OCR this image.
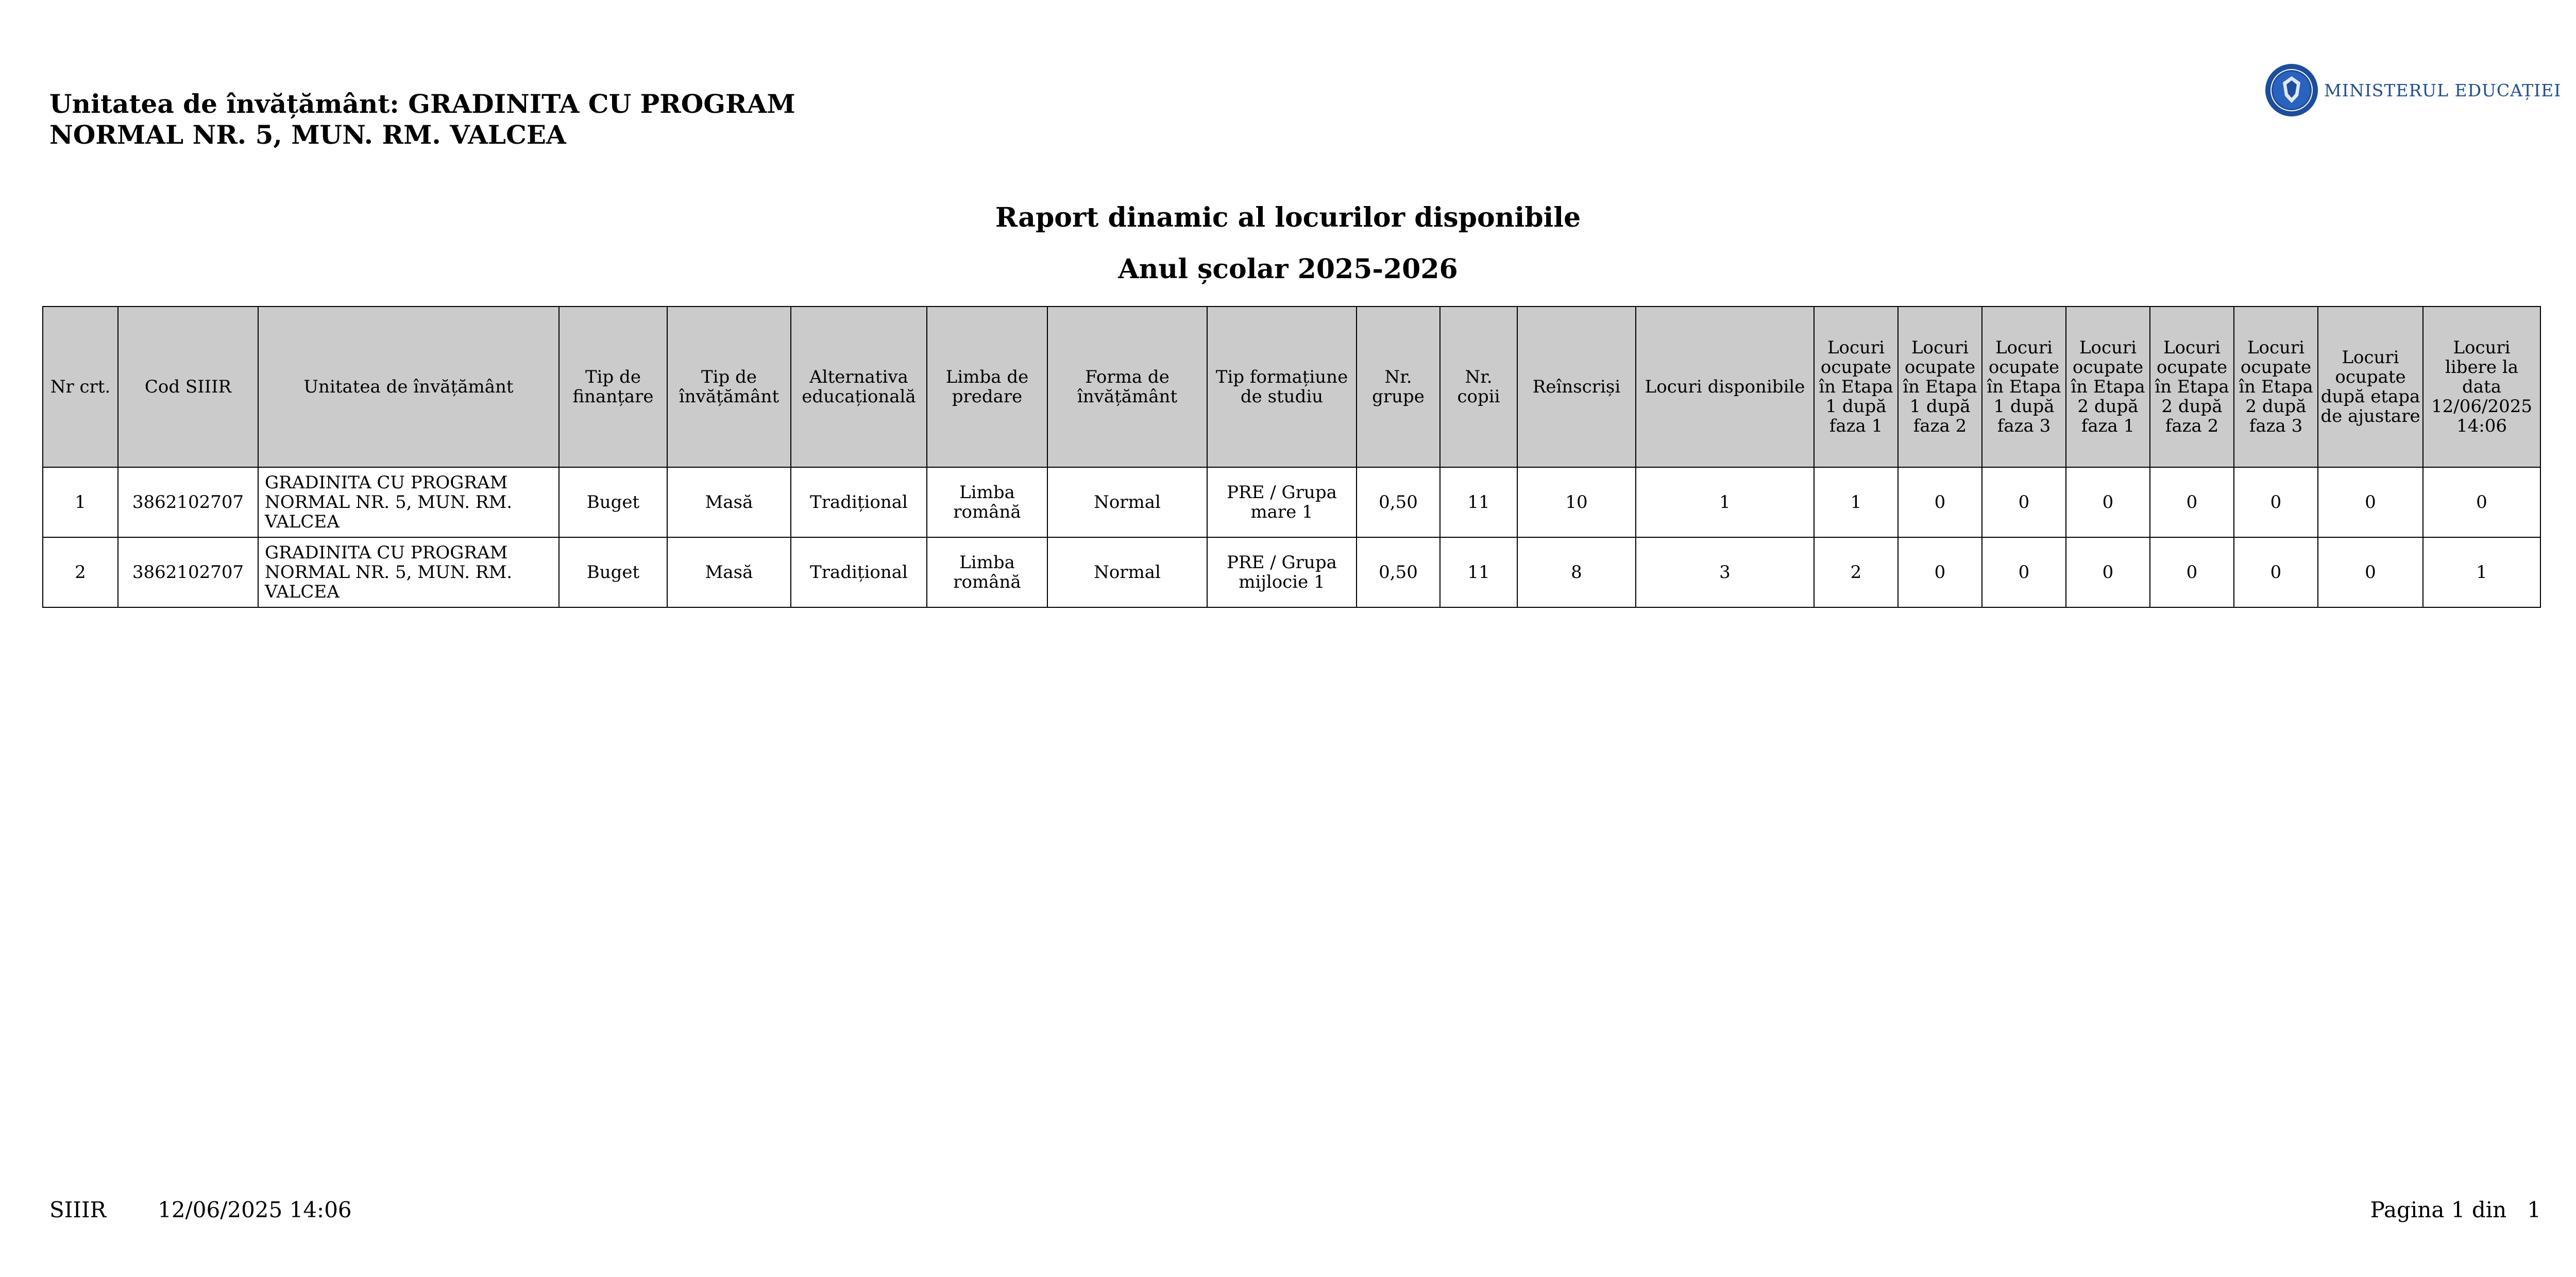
Unitatea de învățământ: GRADINITA CU PROGRAM
NORMAL NR. 5, MUN. RM. VALCEA
MINISTERUL EDUCAȚIEI
Raport dinamic al locurilor disponibile
Anul școlar 2025-2026
Nr crt.	Cod SIIIR	Unitatea de învățământ	Tip de finanțare	Tip de învățământ	Alternativa educațională	Limba de predare	Forma de învățământ	Tip formațiune de studiu	Nr. grupe	Nr. copii	Reînscriși	Locuri disponibile	Locuri ocupate în Etapa 1 după faza 1	Locuri ocupate în Etapa 1 după faza 2	Locuri ocupate în Etapa 1 după faza 3	Locuri ocupate în Etapa 2 după faza 1	Locuri ocupate în Etapa 2 după faza 2	Locuri ocupate în Etapa 2 după faza 3	Locuri ocupate după etapa de ajustare	Locuri libere la data 12/06/2025 14:06
1	3862102707	GRADINITA CU PROGRAM NORMAL NR. 5, MUN. RM. VALCEA	Buget	Masă	Tradițional	Limba română	Normal	PRE / Grupa mare 1	0,50	11	10	1	1	0	0	0	0	0	0	0
2	3862102707	GRADINITA CU PROGRAM NORMAL NR. 5, MUN. RM. VALCEA	Buget	Masă	Tradițional	Limba română	Normal	PRE / Grupa mijlocie 1	0,50	11	8	3	2	0	0	0	0	0	0	1
SIIIR 12/06/2025 14:06	Pagina 1 din   1
